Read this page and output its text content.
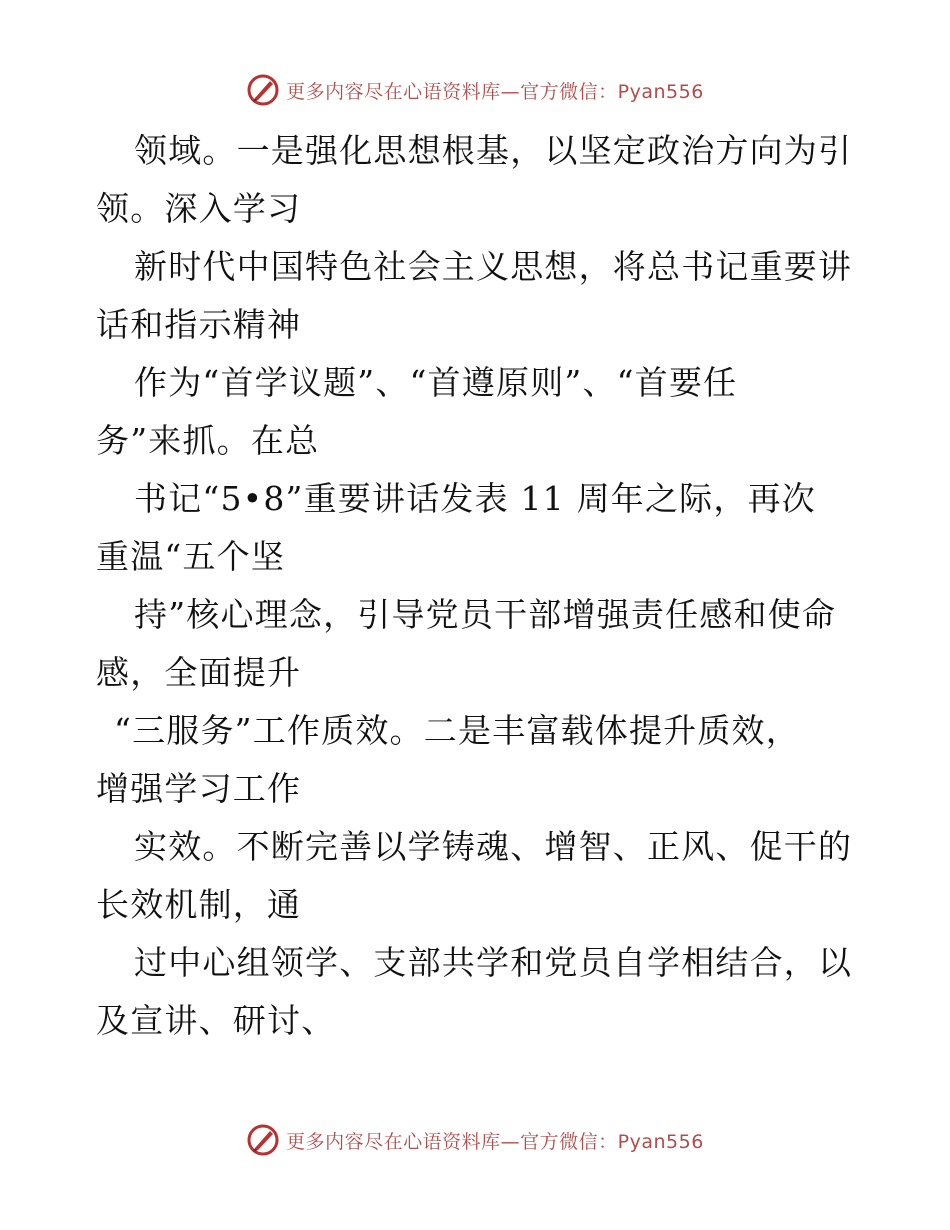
更多内容尽在心语资料库—官方微信：Pyan556
领域。一是强化思想根基，以坚定政治方向为引
领。深入学习
新时代中国特色社会主义思想，将总书记重要讲
话和指示精神
作为“首学议题”、“首遵原则”、“首要任
务”来抓。在总
书记“5•8”重要讲话发表 11 周年之际，再次
重温“五个坚
持”核心理念，引导党员干部增强责任感和使命
感，全面提升
“三服务”工作质效。二是丰富载体提升质效，
增强学习工作
实效。不断完善以学铸魂、增智、正风、促干的
长效机制，通
过中心组领学、支部共学和党员自学相结合，以
及宣讲、研讨、
更多内容尽在心语资料库—官方微信：Pyan556
